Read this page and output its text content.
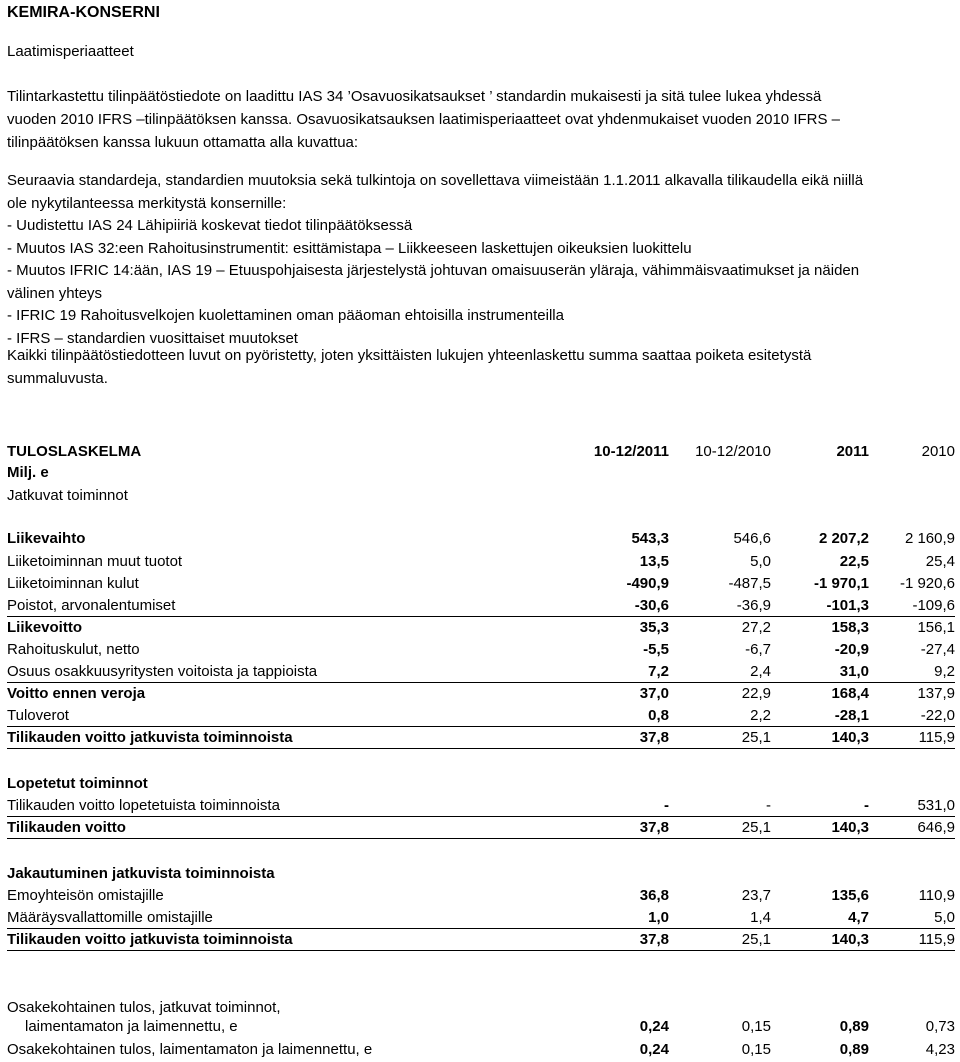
KEMIRA-KONSERNI
Laatimisperiaatteet
Tilintarkastettu tilinpäätöstiedote on laadittu IAS 34 ’Osavuosikatsaukset ’ standardin mukaisesti ja sitä tulee lukea yhdessä
vuoden 2010 IFRS –tilinpäätöksen kanssa. Osavuosikatsauksen laatimisperiaatteet ovat yhdenmukaiset vuoden 2010 IFRS –
tilinpäätöksen kanssa lukuun ottamatta alla kuvattua:
Seuraavia standardeja, standardien muutoksia sekä tulkintoja on sovellettava viimeistään 1.1.2011 alkavalla tilikaudella eikä niillä
ole nykytilanteessa merkitystä konsernille:
- Uudistettu IAS 24 Lähipiiriä koskevat tiedot tilinpäätöksessä
- Muutos IAS 32:een Rahoitusinstrumentit: esittämistapa – Liikkeeseen laskettujen oikeuksien luokittelu
- Muutos IFRIC 14:ään, IAS 19 – Etuuspohjaisesta järjestelystä johtuvan omaisuuserän yläraja, vähimmäisvaatimukset ja näiden
välinen yhteys
- IFRIC 19 Rahoitusvelkojen kuolettaminen oman pääoman ehtoisilla instrumenteilla
- IFRS – standardien vuosittaiset muutokset
Kaikki tilinpäätöstiedotteen luvut on pyöristetty, joten yksittäisten lukujen yhteenlaskettu summa saattaa poiketa esitetystä
summaluvusta.
TULOSLASKELMA	10-12/2011	10-12/2010	2011	2010
Milj. e
Jatkuvat toiminnot
Liikevaihto	543,3	546,6	2 207,2	2 160,9
Liiketoiminnan muut tuotot	13,5	5,0	22,5	25,4
Liiketoiminnan kulut	-490,9	-487,5	-1 970,1	-1 920,6
Poistot, arvonalentumiset	-30,6	-36,9	-101,3	-109,6
Liikevoitto	35,3	27,2	158,3	156,1
Rahoituskulut, netto	-5,5	-6,7	-20,9	-27,4
Osuus osakkuusyritysten voitoista ja tappioista	7,2	2,4	31,0	9,2
Voitto ennen veroja	37,0	22,9	168,4	137,9
Tuloverot	0,8	2,2	-28,1	-22,0
Tilikauden voitto jatkuvista toiminnoista	37,8	25,1	140,3	115,9
Lopetetut toiminnot
Tilikauden voitto lopetetuista toiminnoista	-	-	-	531,0
Tilikauden voitto	37,8	25,1	140,3	646,9
Jakautuminen jatkuvista toiminnoista
Emoyhteisön omistajille	36,8	23,7	135,6	110,9
Määräysvallattomille omistajille	1,0	1,4	4,7	5,0
Tilikauden voitto jatkuvista toiminnoista	37,8	25,1	140,3	115,9
Osakekohtainen tulos, jatkuvat toiminnot,
laimentamaton ja laimennettu, e	0,24	0,15	0,89	0,73
Osakekohtainen tulos, laimentamaton ja laimennettu, e	0,24	0,15	0,89	4,23
